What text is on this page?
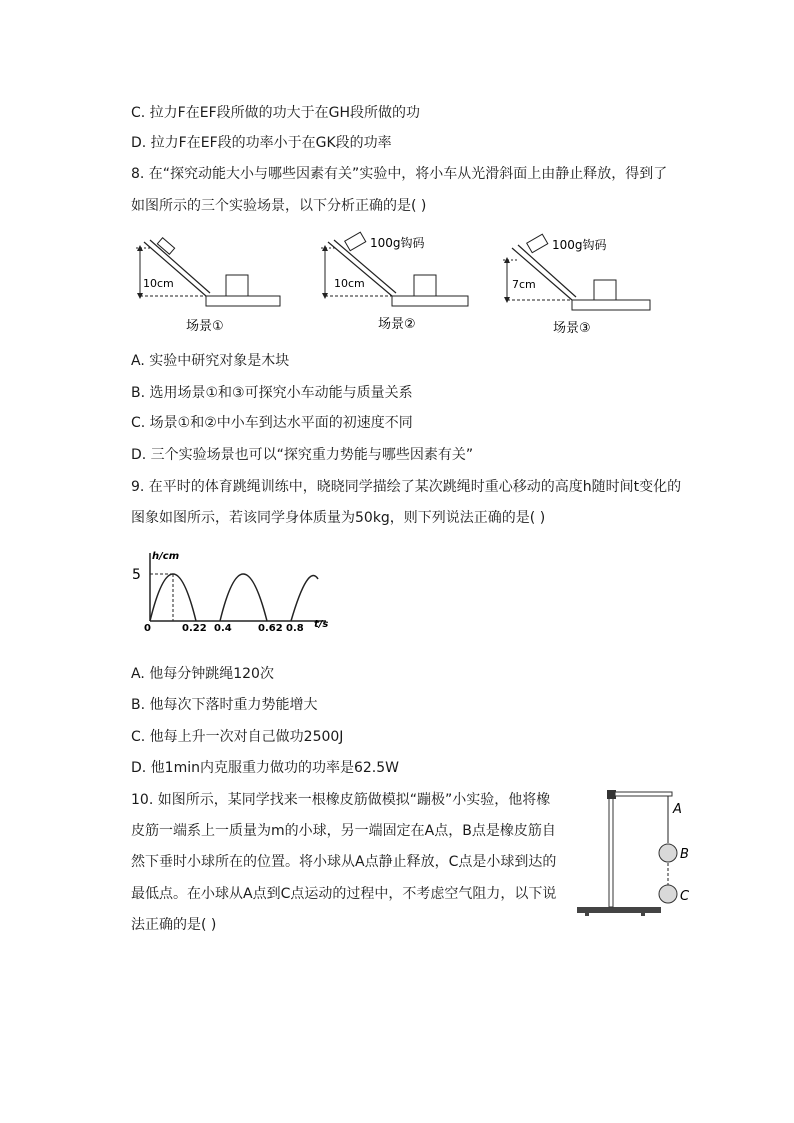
C. 拉力F在EF段所做的功大于在GH段所做的功
D. 拉力F在EF段的功率小于在GK段的功率
8. 在“探究动能大小与哪些因素有关”实验中，将小车从光滑斜面上由静止释放，得到了
如图所示的三个实验场景，以下分析正确的是( )
10cm
场景①
100g钩码
10cm
场景②
100g钩码
7cm
场景③
A. 实验中研究对象是木块
B. 选用场景①和③可探究小车动能与质量关系
C. 场景①和②中小车到达水平面的初速度不同
D. 三个实验场景也可以“探究重力势能与哪些因素有关”
9. 在平时的体育跳绳训练中，晓晓同学描绘了某次跳绳时重心移动的高度h随时间t变化的
图象如图所示，若该同学身体质量为50kg，则下列说法正确的是( )
h/cm
5
0	0.22 0.4	0.62 0.8 t/s
A. 他每分钟跳绳120次
B. 他每次下落时重力势能增大
C. 他每上升一次对自己做功2500J
D. 他1min内克服重力做功的功率是62.5W
10. 如图所示，某同学找来一根橡皮筋做模拟“蹦极”小实验，他将橡
皮筋一端系上一质量为m的小球，另一端固定在A点，B点是橡皮筋自
然下垂时小球所在的位置。将小球从A点静止释放，C点是小球到达的
最低点。在小球从A点到C点运动的过程中，不考虑空气阻力，以下说
法正确的是( )
A
B
C
